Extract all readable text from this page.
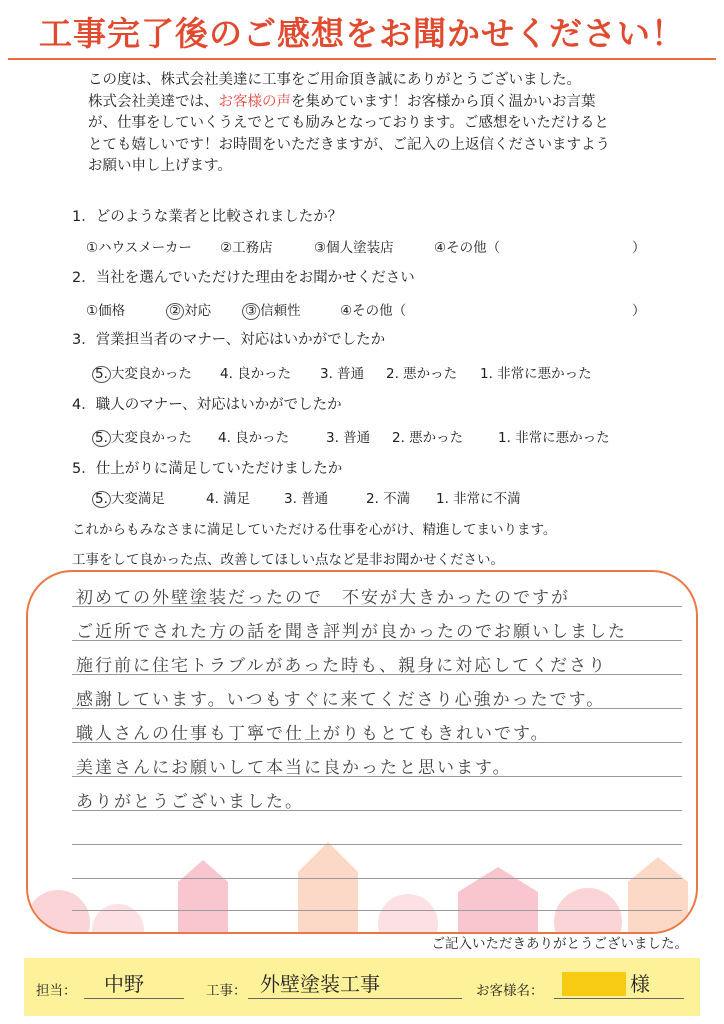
工事完了後のご感想をお聞かせください！
この度は、株式会社美達に工事をご用命頂き誠にありがとうございました。
株式会社美達では、お客様の声を集めています！お客様から頂く温かいお言葉
が、仕事をしていくうえでとても励みとなっております。ご感想をいただけると
とても嬉しいです！お時間をいただきますが、ご記入の上返信くださいますよう
お願い申し上げます。
1．どのような業者と比較されましたか？
①ハウスメーカー ②工務店	③個人塗装店	④その他（	）
2．当社を選んでいただけた理由をお聞かせください
①価格	② 対応	③ 信頼性	④その他（	）
3．営業担当者のマナー、対応はいかがでしたか
5. 大変良かった 4. 良かった 3. 普通 2. 悪かった 1. 非常に悪かった
4．職人のマナー、対応はいかがでしたか
5. 大変良かった 4. 良かった	3. 普通 2. 悪かった	1. 非常に悪かった
5．仕上がりに満足していただけましたか
5. 大変満足	4. 満足	3. 普通	2. 不満 1. 非常に不満
これからもみなさまに満足していただける仕事を心がけ、精進してまいります。
工事をして良かった点、改善してほしい点など是非お聞かせください。
初めての外壁塗装だったので　不安が大きかったのですが
ご近所でされた方の話を聞き評判が良かったのでお願いしました
施行前に住宅トラブルがあった時も、親身に対応してくださり
感謝しています。いつもすぐに来てくださり心強かったです。
職人さんの仕事も丁寧で仕上がりもとてもきれいです。
美達さんにお願いして本当に良かったと思います。
ありがとうございました。
ご記入いただきありがとうございました。
担当： 中野	工事： 外壁塗装工事	お客様名：	様
